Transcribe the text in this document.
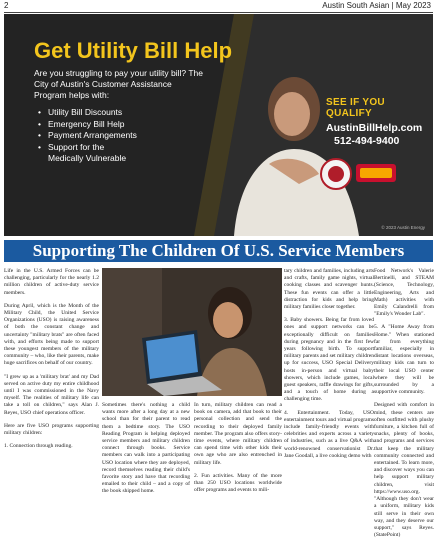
2	Austin South Asian | May 2023
Get Utility Bill Help
Are you struggling to pay your utility bill? The City of Austin's Customer Assistance Program helps with:
• Utility Bill Discounts
• Emergency Bill Help
• Payment Arrangements
• Support for the Medically Vulnerable
SEE IF YOU QUALIFY
AustinBillHelp.com
512-494-9400
© 2023 Austin Energy
Supporting The Children Of U.S. Service Members

Life in the U.S. Armed Forces can be challenging, particularly for the nearly 1.2 million children of active-duty service members.

During April, which is the Month of the Military Child, the United Service Organizations (USO) is raising awareness of both the constant change and uncertainty "military brats" are often faced with, and efforts being made to support these youngest members of the military community – who, like their parents, make huge sacrifices on behalf of our country.

"I grew up as a 'military brat' and my Dad served on active duty my entire childhood until I was commissioned in the Navy myself. The realities of military life can take a toll on children," says Alan J. Reyes, USO chief operations officer.

Here are five USO programs supporting military children:

1. Connection through reading.

Sometimes there's nothing a child wants more after a long day at a new school than for their parent to read them a bedtime story. The USO Reading Program is helping deployed service members and military children connect through books. Service members can walk into a participating USO location where they are deployed, record themselves reading their child's favorite story and have that recording emailed to their child – and a copy of the book shipped home.

In turn, military children can read a book on camera, add that book to their personal collection and send the recording to their deployed family member. The program also offers story-time events, where military children can spend time with other kids their own age who are also entrenched in military life.

2. Fun activities. Many of the more than 250 USO locations worldwide offer programs and events to mili-

tary children and families, including arts and crafts, family game nights, virtual cooking classes and scavenger hunts. These fun events can offer a little distraction for kids and help bring military families closer together.

3. Baby showers. Being far from loved ones and support networks can be exceptionally difficult on families during pregnancy and in the first few years following birth. To support military parents and set military children up for success, USO Special Delivery hosts in-person and virtual baby showers, which include games, local guest speakers, raffle drawings for gifts, and a touch of home during a challenging time.

4. Entertainment. Today, USO entertainment tours and virtual programs include family-friendly events with celebrities and experts across a variety of industries, such as a live Q&A with world-renowned conservationist Dr. Jane Goodall, a live cooking demo with

Food Network's Valerie Bertinelli, and STEAM (Science, Technology, Engineering, Arts and Math) activities with Emily Calandrelli from "Emily's Wonder Lab".

5. A "Home Away from Home." When stationed far from everything familiar, especially in distant locations overseas, military kids can turn to their local USO center where they will be surrounded by a supportive community.

Designed with comfort in mind, these centers are often outfitted with plushy furniture, a kitchen full of snacks, plenty of books, and programs and services that keep the military community connected and entertained. To learn more, and discover ways you can help support military children, visit https://www.uso.org. "Although they don't wear a uniform, military kids still serve in their own way, and they deserve our support," says Reyes. (StatePoint)
